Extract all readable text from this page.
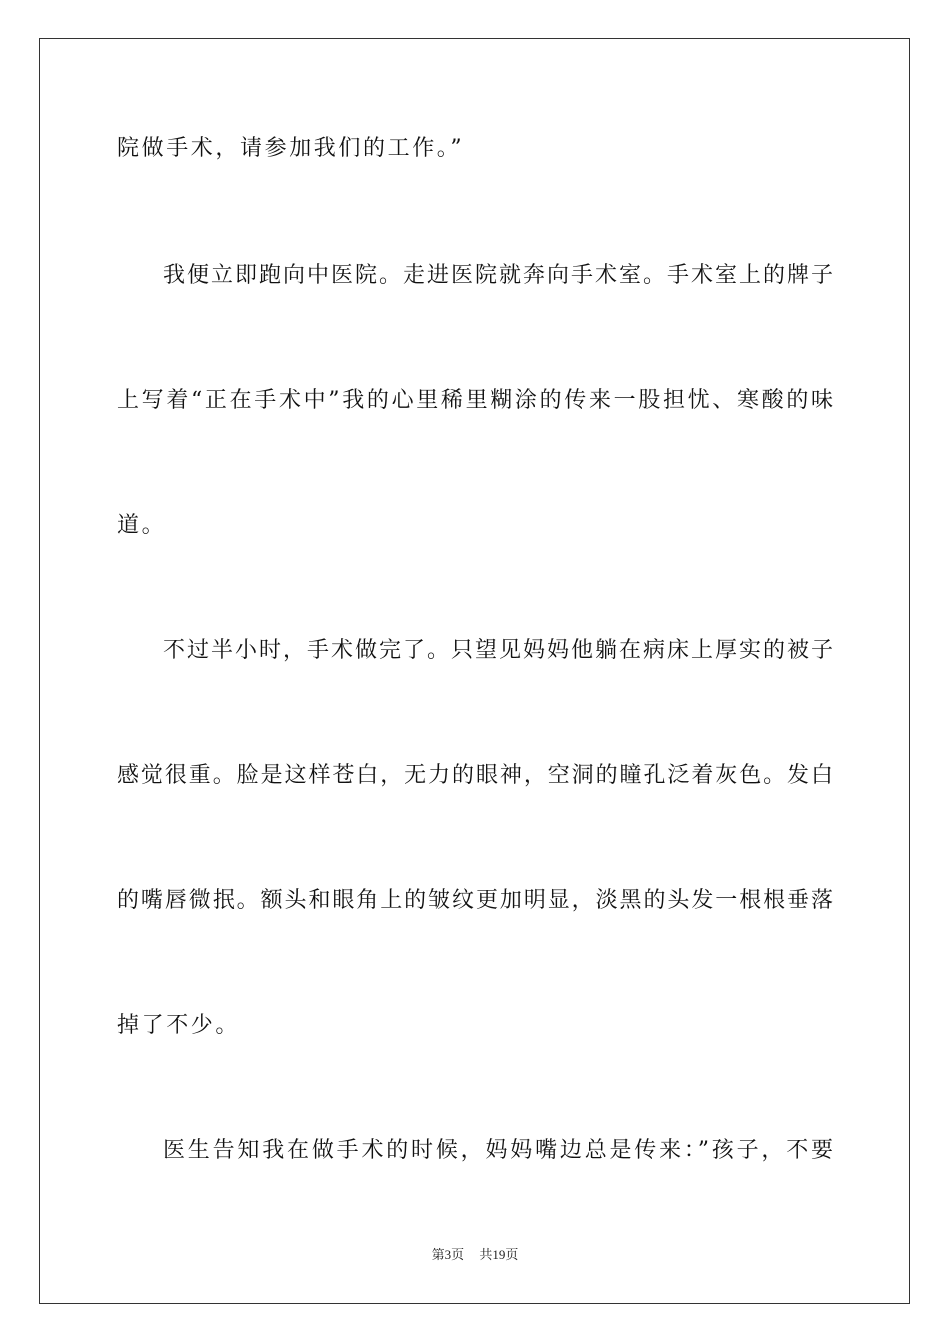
院做手术，请参加我们的工作。”
我便立即跑向中医院。走进医院就奔向手术室。手术室上的牌子
上写着“正在手术中”我的心里稀里糊涂的传来一股担忧、寒酸的味
道。
不过半小时，手术做完了。只望见妈妈他躺在病床上厚实的被子
感觉很重。脸是这样苍白，无力的眼神，空洞的瞳孔泛着灰色。发白
的嘴唇微抿。额头和眼角上的皱纹更加明显，淡黑的头发一根根垂落
掉了不少。
医生告知我在做手术的时候，妈妈嘴边总是传来：”孩子，不要
第3页 共19页
